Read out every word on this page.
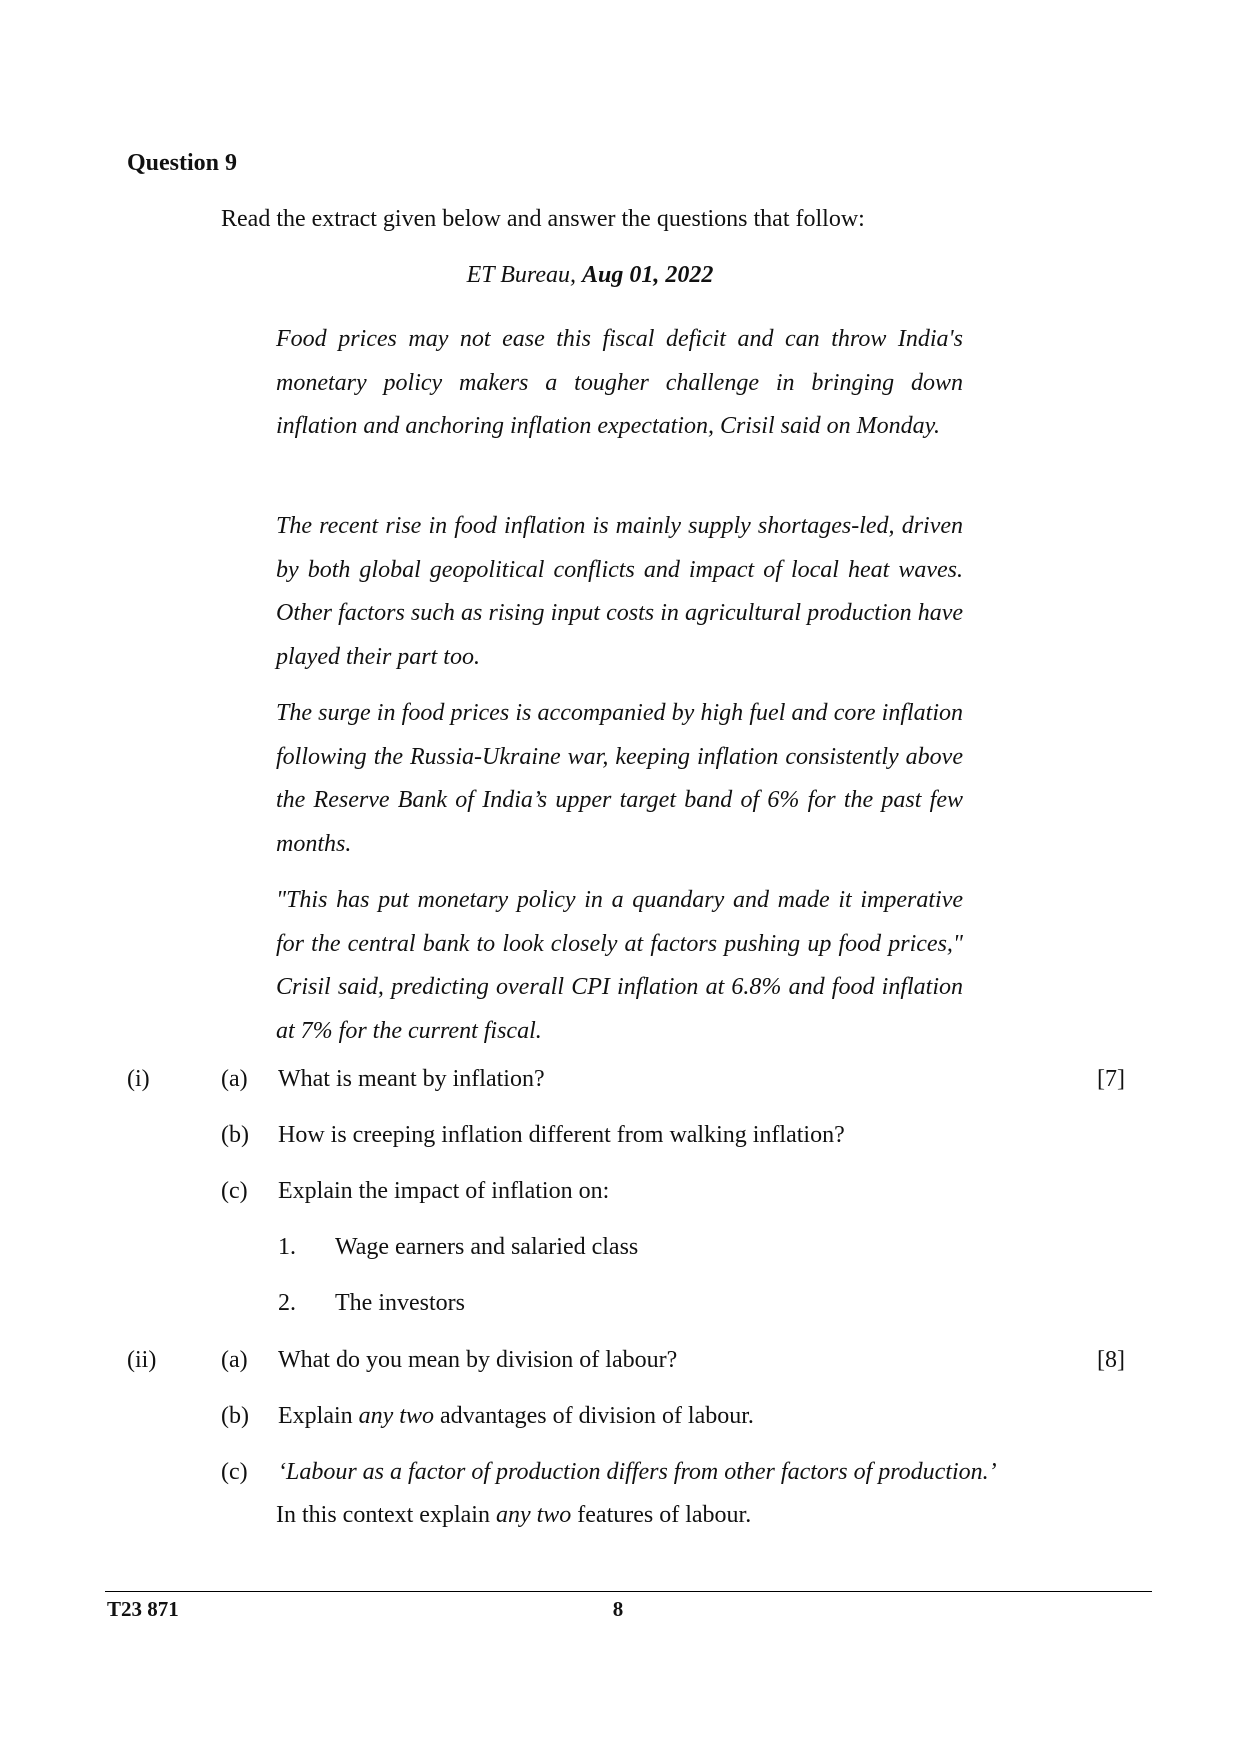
Question 9
Read the extract given below and answer the questions that follow:
ET Bureau, Aug 01, 2022
Food prices may not ease this fiscal deficit and can throw India's monetary policy makers a tougher challenge in bringing down inflation and anchoring inflation expectation, Crisil said on Monday.
The recent rise in food inflation is mainly supply shortages-led, driven by both global geopolitical conflicts and impact of local heat waves. Other factors such as rising input costs in agricultural production have played their part too.
The surge in food prices is accompanied by high fuel and core inflation following the Russia-Ukraine war, keeping inflation consistently above the Reserve Bank of India’s upper target band of 6% for the past few months.
"This has put monetary policy in a quandary and made it imperative for the central bank to look closely at factors pushing up food prices," Crisil said, predicting overall CPI inflation at 6.8% and food inflation at 7% for the current fiscal.
(i)	(a) What is meant by inflation?	[7]
(b) How is creeping inflation different from walking inflation?
(c) Explain the impact of inflation on:
1. Wage earners and salaried class
2. The investors
(ii)	(a) What do you mean by division of labour?	[8]
(b) Explain any two advantages of division of labour.
(c) ‘Labour as a factor of production differs from other factors of production.’
In this context explain any two features of labour.
T23 871	8
